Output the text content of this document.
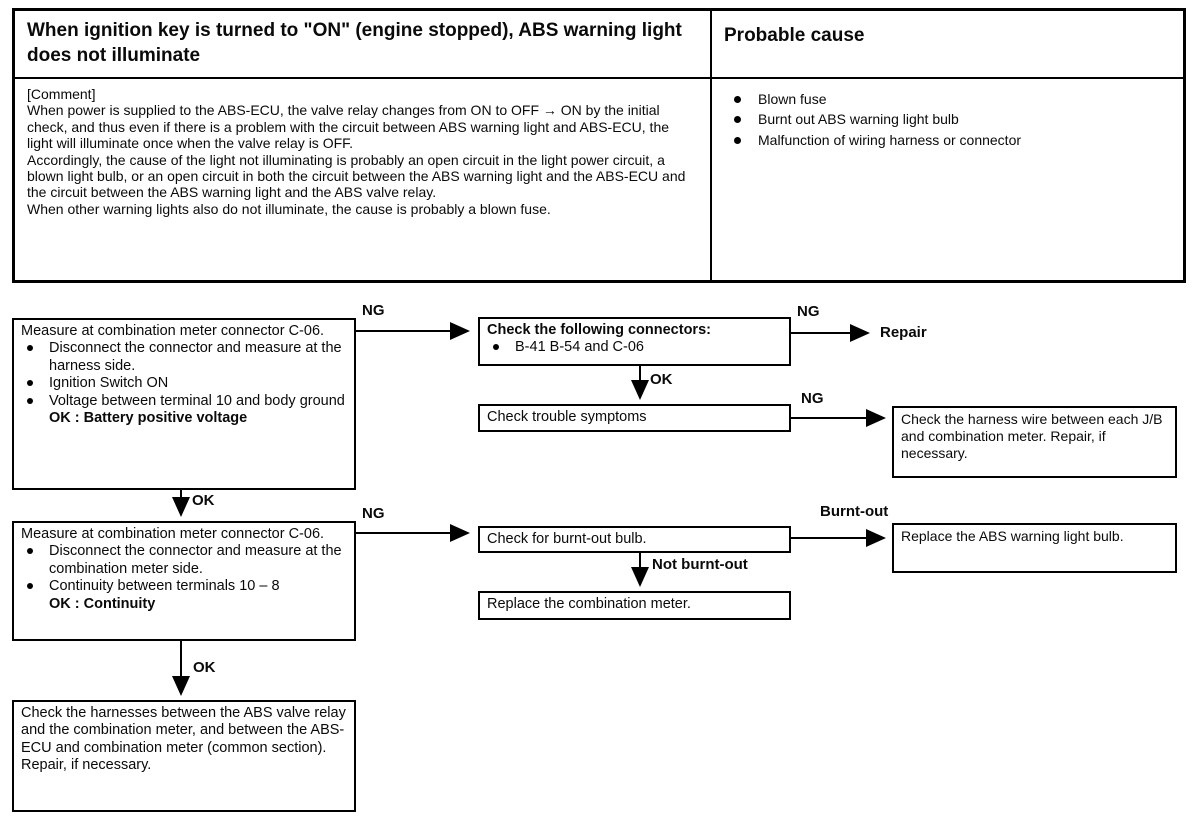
When ignition key is turned to "ON" (engine stopped), ABS warning light does not illuminate
Probable cause

[Comment]

When power is supplied to the ABS-ECU, the valve relay changes from ON to OFF → ON by the initial check, and thus even if there is a problem with the circuit between ABS warning light and ABS-ECU, the light will illuminate once when the valve relay is OFF.

Accordingly, the cause of the light not illuminating is probably an open circuit in the light power circuit, a blown light bulb, or an open circuit in both the circuit between the ABS warning light and the ABS-ECU and the circuit between the ABS warning light and the ABS valve relay.

When other warning lights also do not illuminate, the cause is probably a blown fuse.

Blown fuse
Burnt out ABS warning light bulb
Malfunction of wiring harness or connector
NG	NG
OK
NG
OK
NG	Burnt-out
Not burnt-out
OK
Measure at combination meter connector C-06.
Disconnect the connector and measure at the harness side.
Ignition Switch ON
Voltage between terminal 10 and body ground
OK : Battery positive voltage
Measure at combination meter connector C-06.
Disconnect the connector and measure at the combination meter side.
Continuity between terminals 10 – 8
OK : Continuity
Check the harnesses between the ABS valve relay and the combination meter, and between the ABS-ECU and combination meter (common section). Repair, if necessary.
Check the following connectors:
B-41 B-54 and C-06
Check trouble symptoms
Check for burnt-out bulb.
Replace the combination meter.
Repair
Check the harness wire between each J/B and combination meter. Repair, if necessary.
Replace the ABS warning light bulb.
